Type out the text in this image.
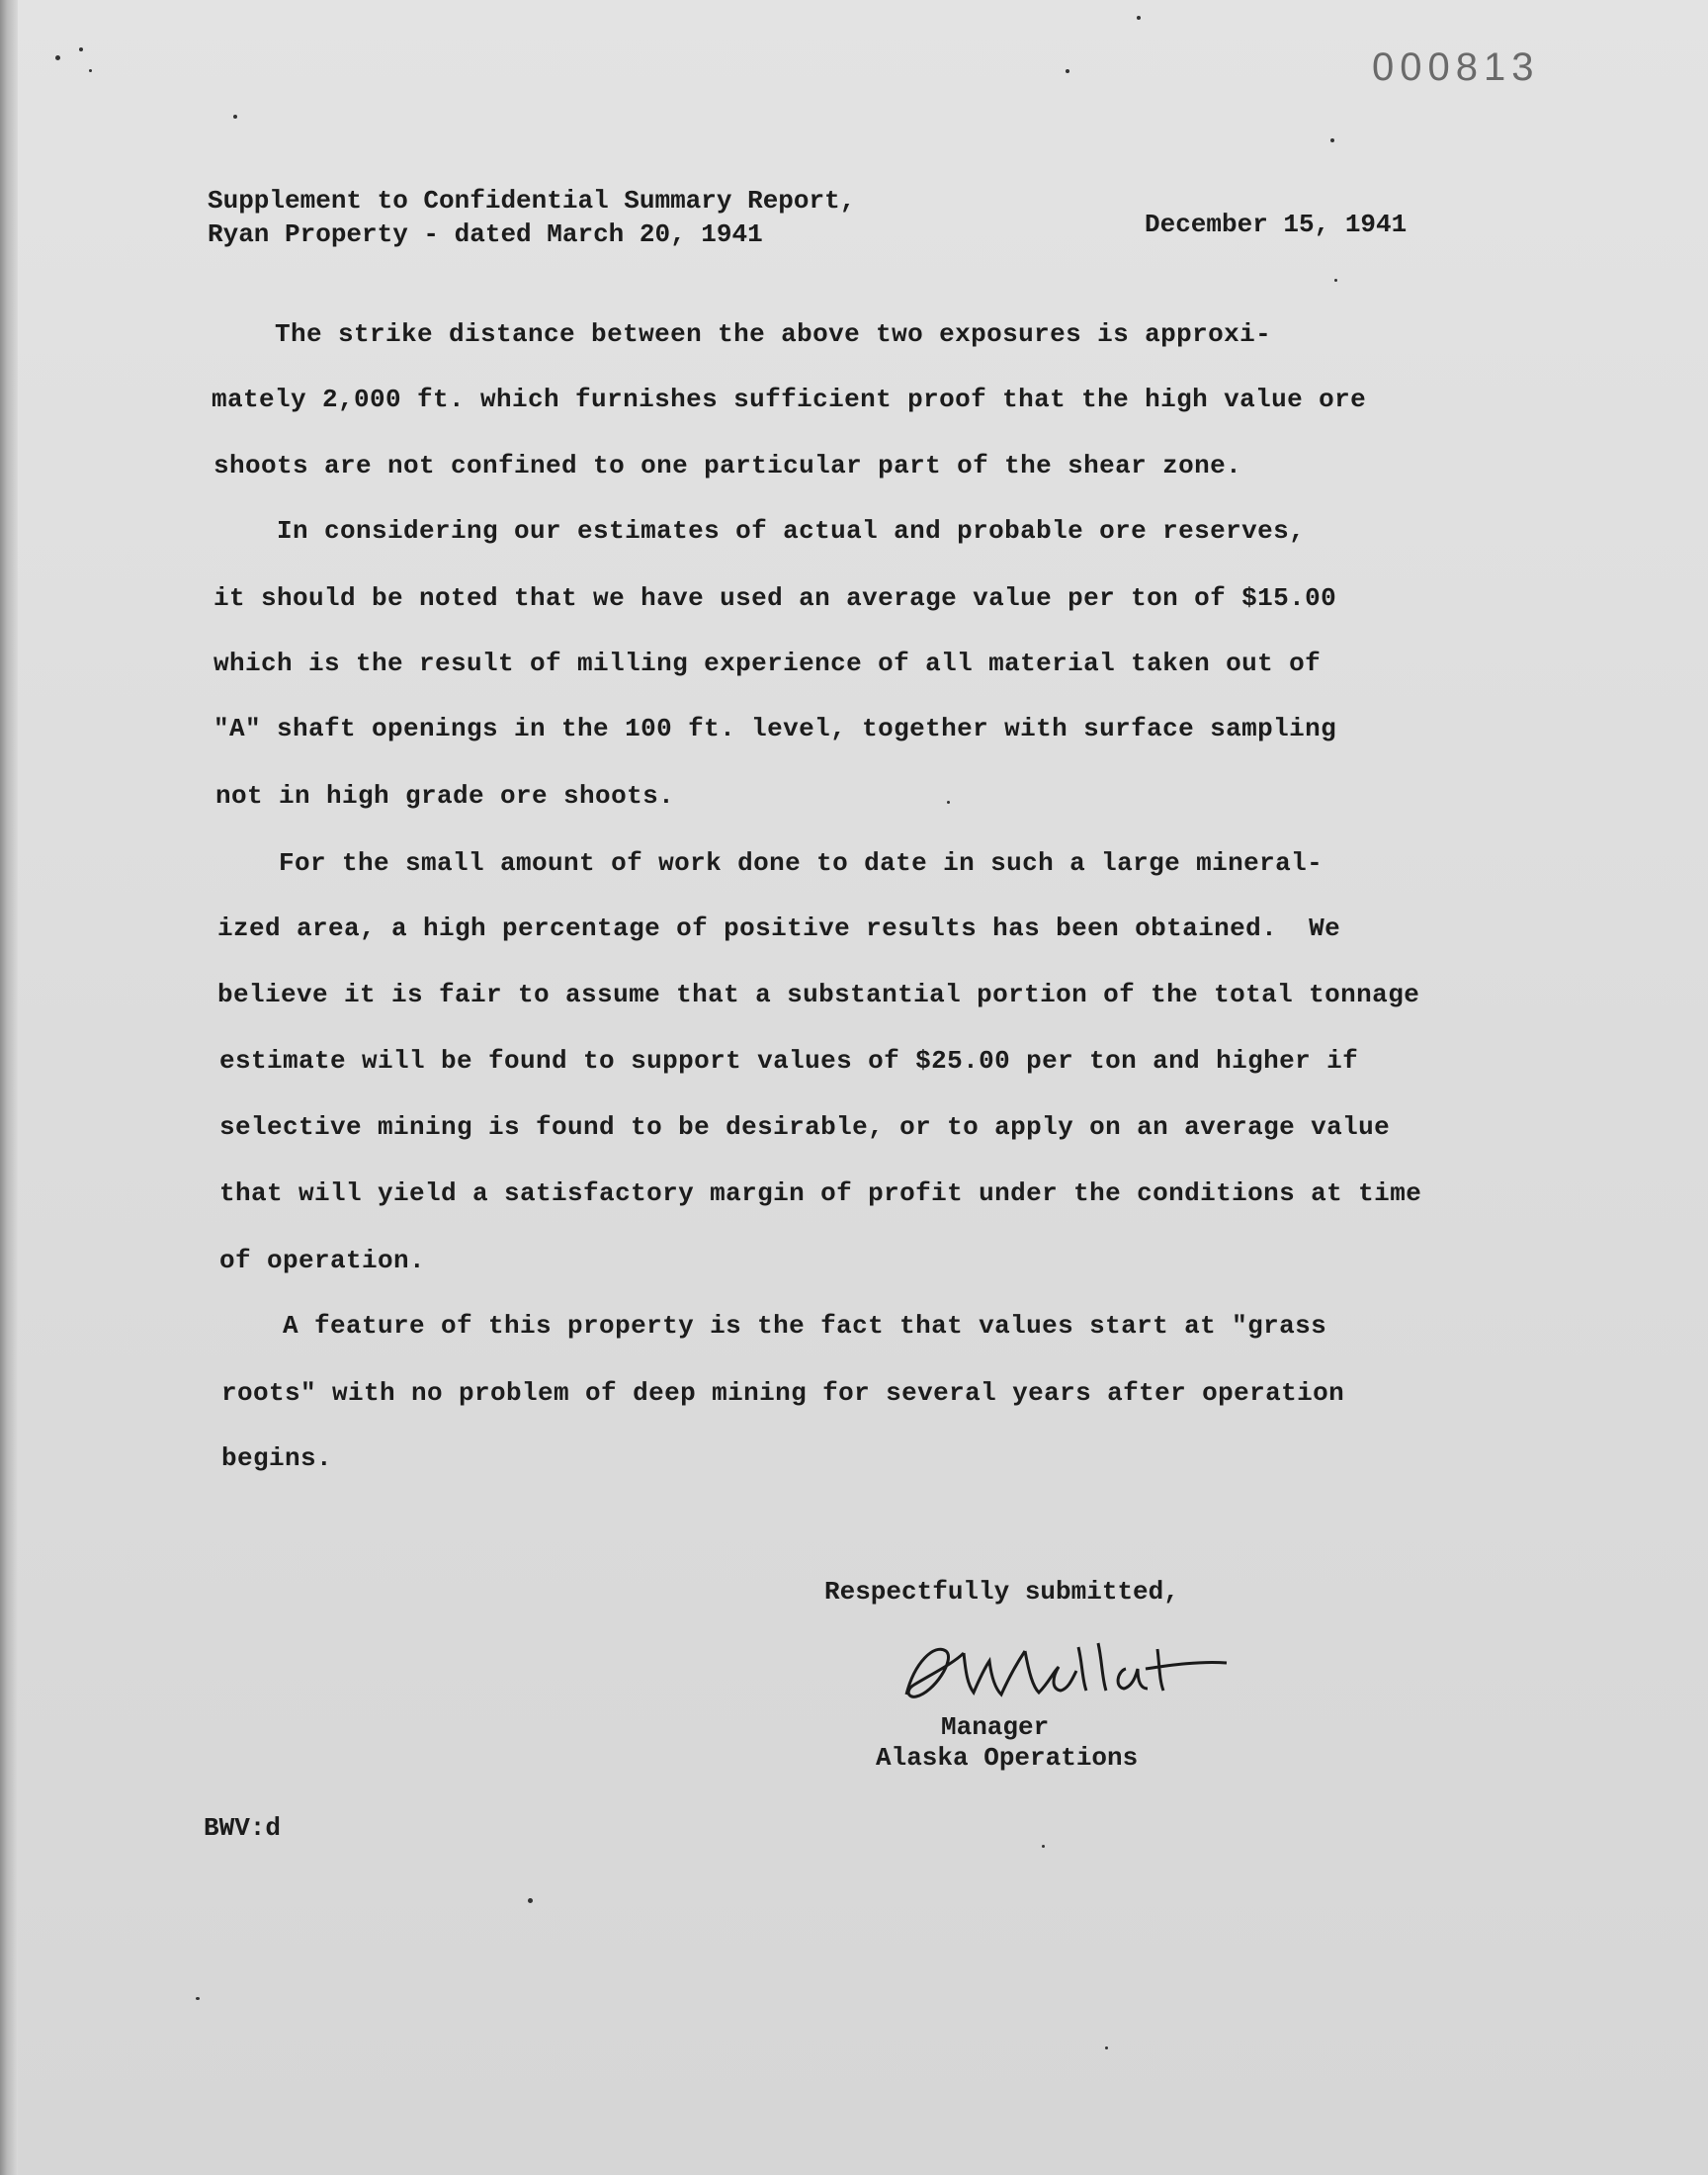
000813
Supplement to Confidential Summary Report,
Ryan Property - dated March 20, 1941	December 15, 1941
The strike distance between the above two exposures is approxi-
mately 2,000 ft. which furnishes sufficient proof that the high value ore
shoots are not confined to one particular part of the shear zone.
In considering our estimates of actual and probable ore reserves,
it should be noted that we have used an average value per ton of $15.00
which is the result of milling experience of all material taken out of
"A" shaft openings in the 100 ft. level, together with surface sampling
not in high grade ore shoots.
For the small amount of work done to date in such a large mineral-
ized area, a high percentage of positive results has been obtained.  We
believe it is fair to assume that a substantial portion of the total tonnage
estimate will be found to support values of $25.00 per ton and higher if
selective mining is found to be desirable, or to apply on an average value
that will yield a satisfactory margin of profit under the conditions at time
of operation.
A feature of this property is the fact that values start at "grass
roots" with no problem of deep mining for several years after operation
begins.
Respectfully submitted,
Manager
Alaska Operations
BWV:d
